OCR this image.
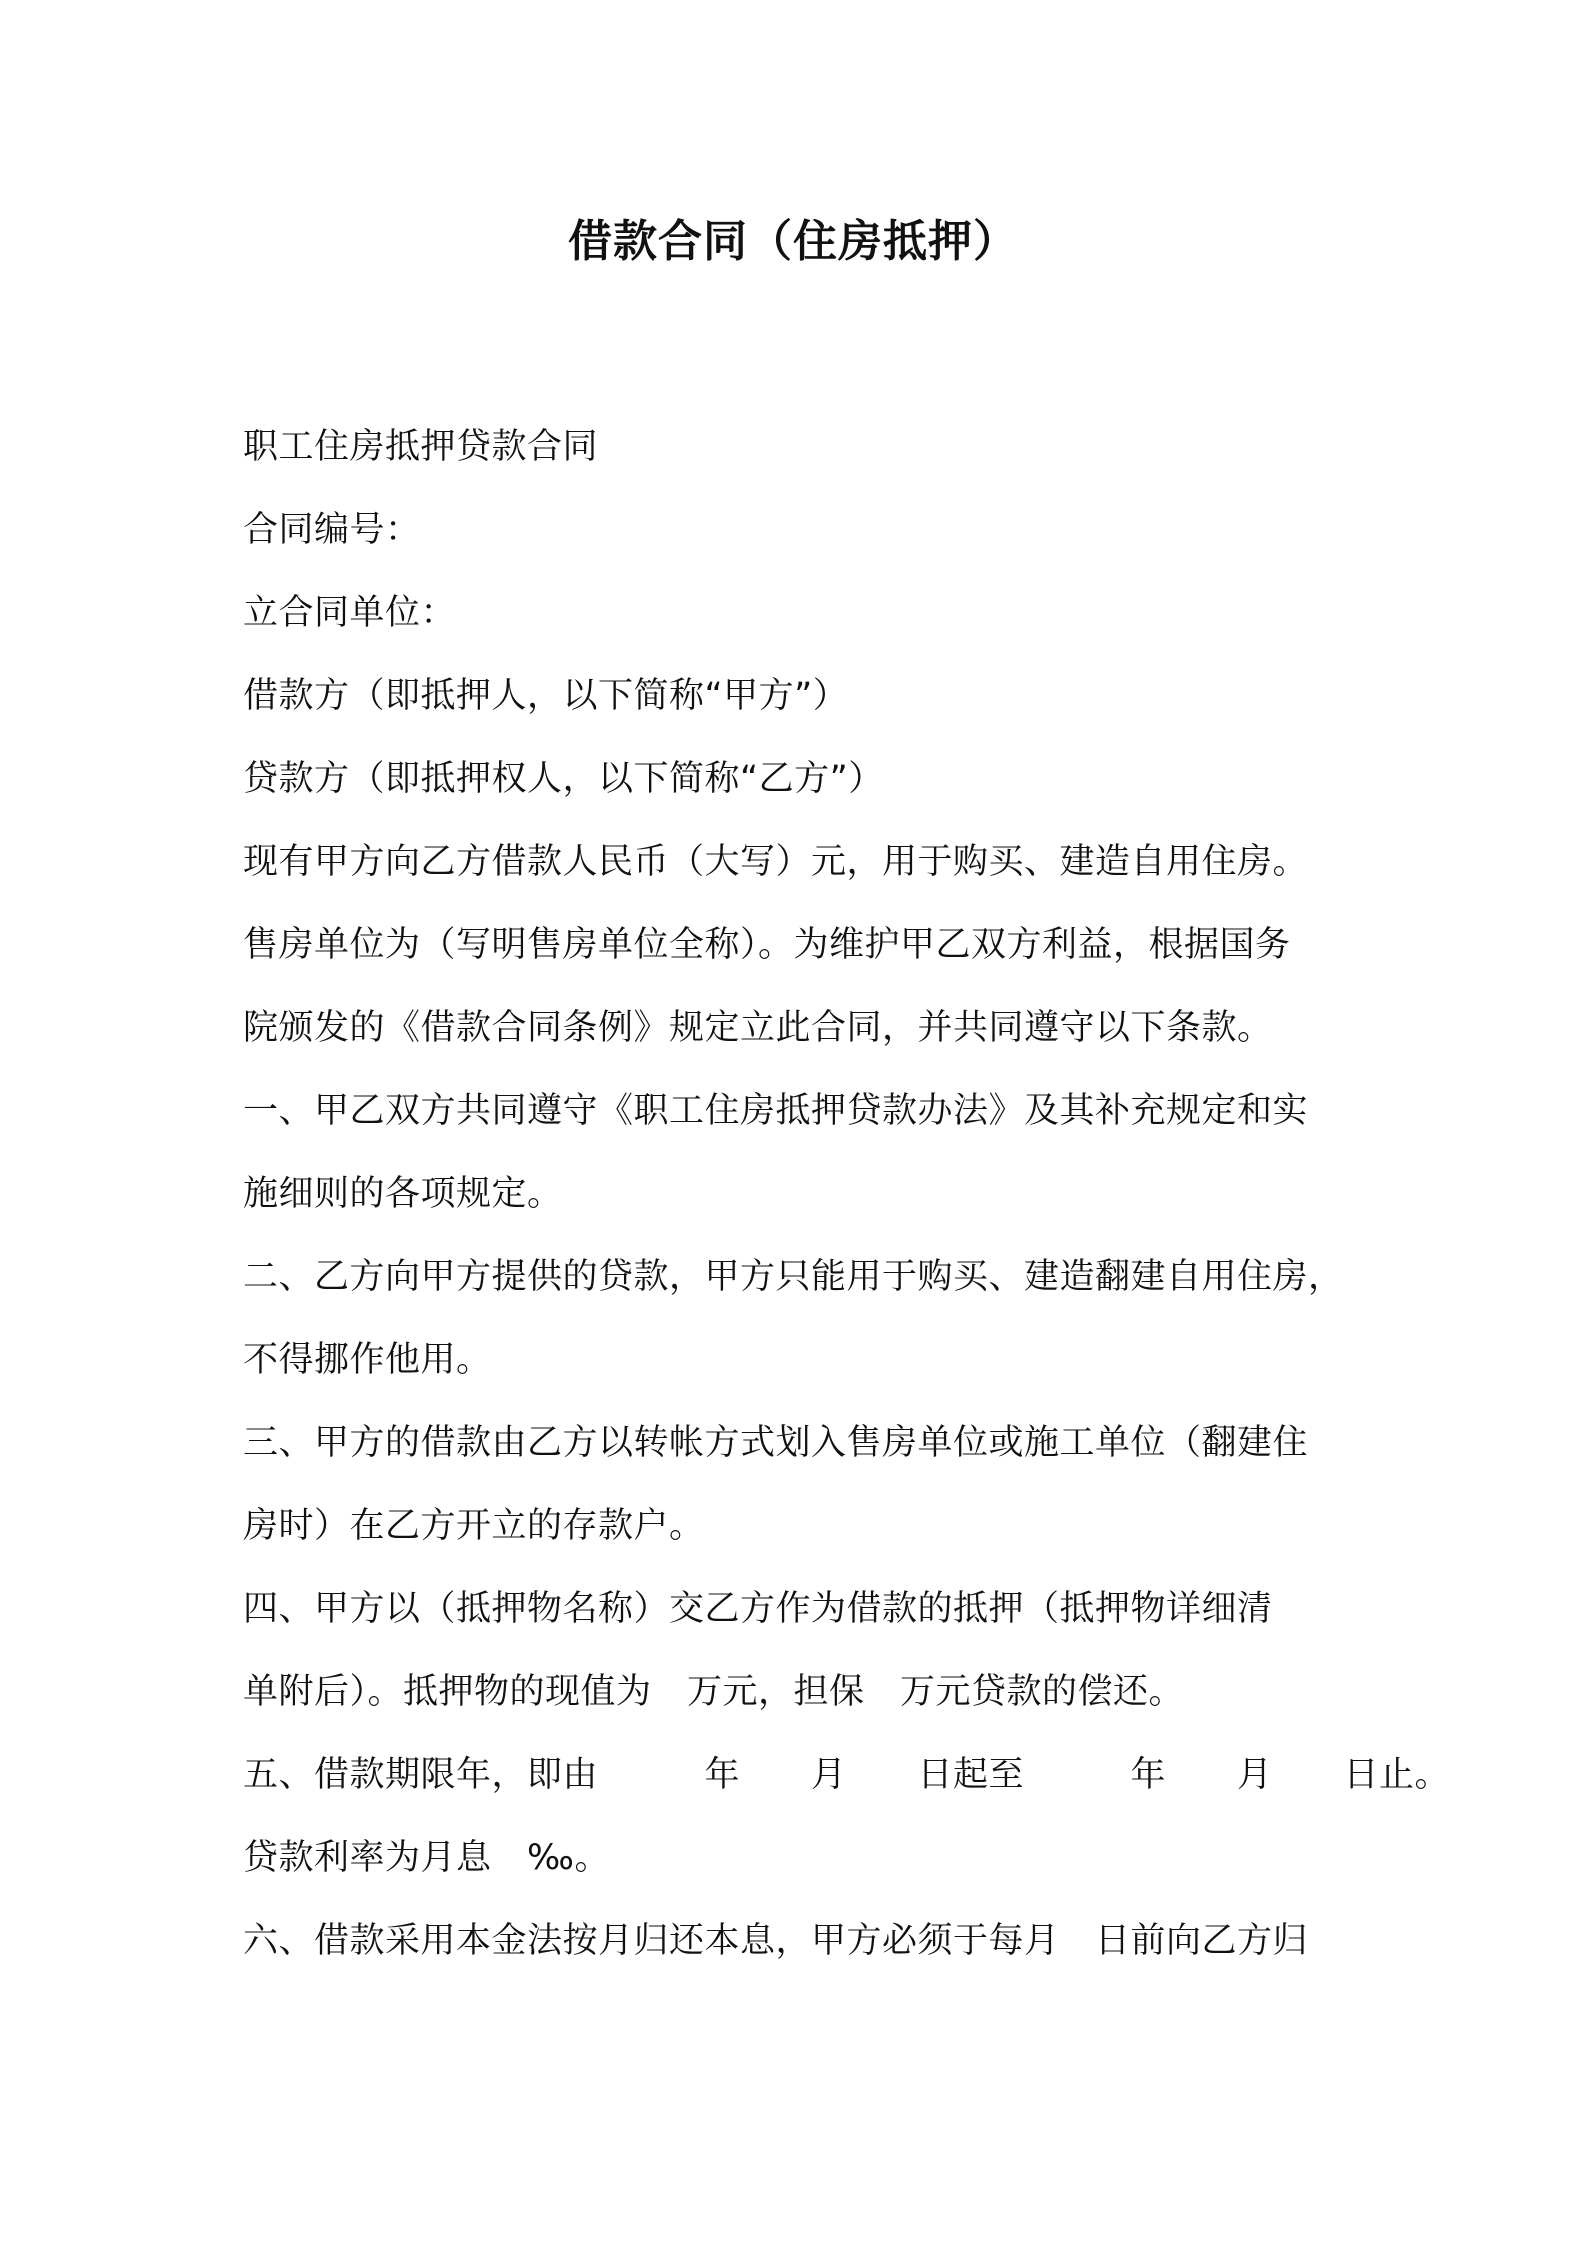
借款合同（住房抵押）

职工住房抵押贷款合同

合同编号：

立合同单位：

借款方（即抵押人，以下简称“甲方”）

贷款方（即抵押权人，以下简称“乙方”）

现有甲方向乙方借款人民币（大写）元，用于购买、建造自用住房。

售房单位为（写明售房单位全称）。为维护甲乙双方利益，根据国务

院颁发的《借款合同条例》规定立此合同，并共同遵守以下条款。

一、甲乙双方共同遵守《职工住房抵押贷款办法》及其补充规定和实

施细则的各项规定。

二、乙方向甲方提供的贷款，甲方只能用于购买、建造翻建自用住房，

不得挪作他用。

三、甲方的借款由乙方以转帐方式划入售房单位或施工单位（翻建住

房时）在乙方开立的存款户。

四、甲方以（抵押物名称）交乙方作为借款的抵押（抵押物详细清

单附后）。抵押物的现值为　万元，担保　万元贷款的偿还。

五、借款期限年，即由　　　年　　月　　日起至　　　年　　月　　日止。

贷款利率为月息　‰。

六、借款采用本金法按月归还本息，甲方必须于每月　日前向乙方归
